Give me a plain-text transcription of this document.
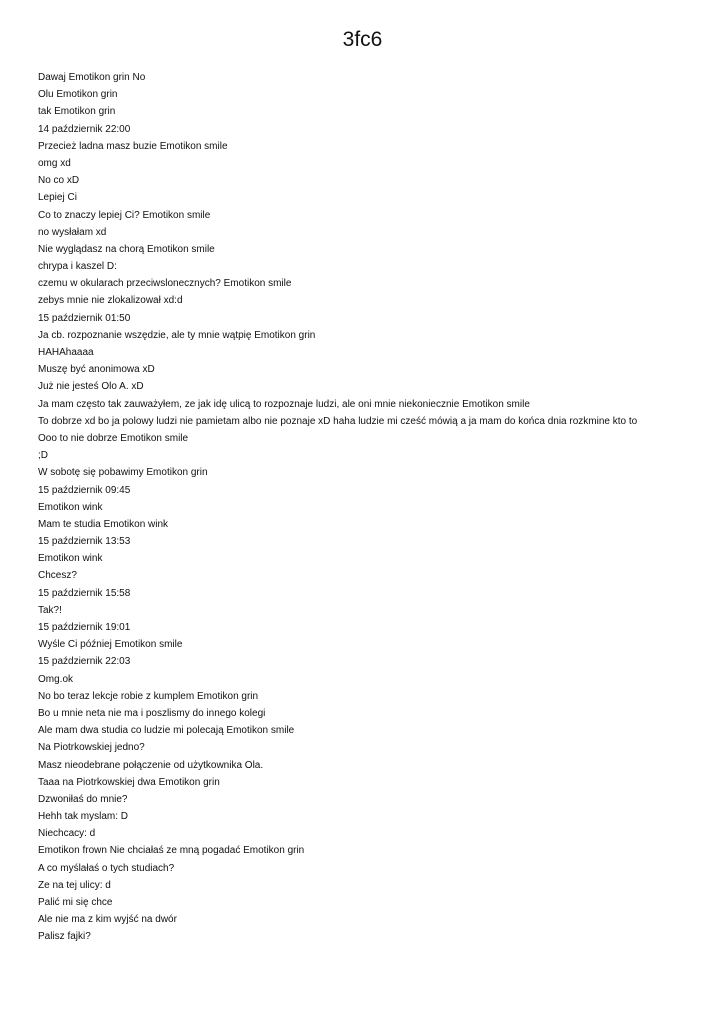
3fc6
Dawaj Emotikon grin No
Olu Emotikon grin
tak Emotikon grin
14 październik 22:00
Przecież ladna masz buzie Emotikon smile
omg xd
No co xD
Lepiej Ci
Co to znaczy lepiej Ci? Emotikon smile
no wysłałam xd
Nie wyglądasz na chorą Emotikon smile
chrypa i kaszel D:
czemu w okularach przeciwslonecznych? Emotikon smile
zebys mnie nie zlokalizował xd:d
15 październik 01:50
Ja cb. rozpoznanie wszędzie, ale ty mnie wątpię Emotikon grin
HAHAhaaaa
Muszę być anonimowa xD
Już nie jesteś Olo A. xD
Ja mam często tak zauważyłem, ze jak idę ulicą to rozpoznaje ludzi, ale oni mnie niekoniecznie Emotikon smile
To dobrze xd bo ja polowy ludzi nie pamietam albo nie poznaje xD haha ludzie mi cześć mówią a ja mam do końca dnia rozkmine kto to
Ooo to nie dobrze Emotikon smile
;D
W sobotę się pobawimy Emotikon grin
15 październik 09:45
Emotikon wink
Mam te studia Emotikon wink
15 październik 13:53
Emotikon wink
Chcesz?
15 październik 15:58
Tak?!
15 październik 19:01
Wyśle Ci później Emotikon smile
15 październik 22:03
Omg.ok
No bo teraz lekcje robie z kumplem Emotikon grin
Bo u mnie neta nie ma i poszlismy do innego kolegi
Ale mam dwa studia co ludzie mi polecają Emotikon smile
Na Piotrkowskiej jedno?
Masz nieodebrane połączenie od użytkownika Ola.
Taaa na Piotrkowskiej dwa Emotikon grin
Dzwoniłaś do mnie?
Hehh tak myslam: D
Niechcacy: d
Emotikon frown Nie chciałaś ze mną pogadać Emotikon grin
A co myślałaś o tych studiach?
Ze na tej ulicy: d
Palić mi się chce
Ale nie ma z kim wyjść na dwór
Palisz fajki?
